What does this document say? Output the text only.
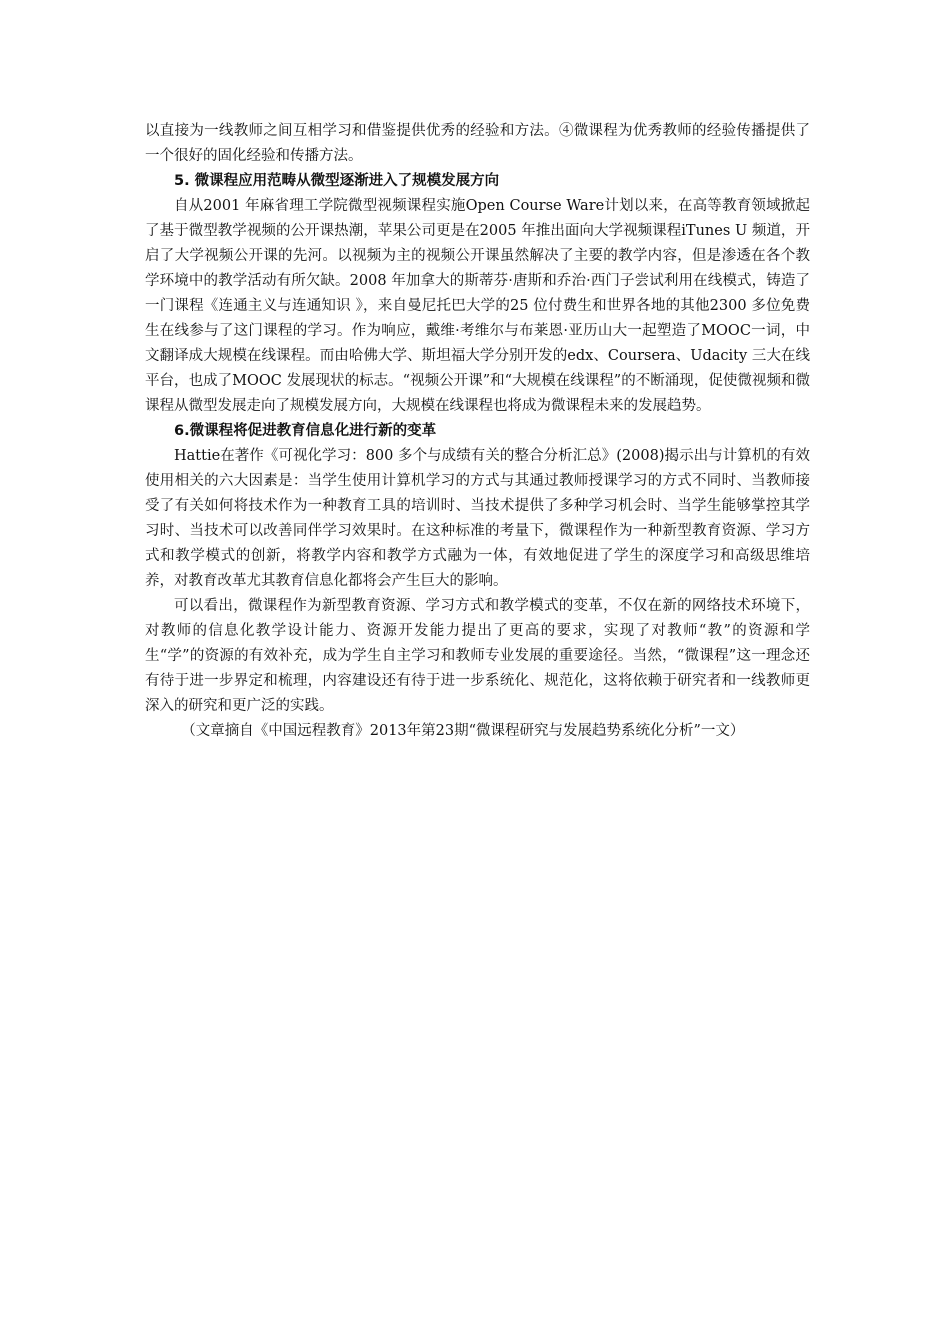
以直接为一线教师之间互相学习和借鉴提供优秀的经验和方法。④微课程为优秀教师的经验传播提供了一个很好的固化经验和传播方法。

5. 微课程应用范畴从微型逐渐进入了规模发展方向

自从2001 年麻省理工学院微型视频课程实施Open Course Ware计划以来，在高等教育领域掀起了基于微型教学视频的公开课热潮，苹果公司更是在2005 年推出面向大学视频课程iTunes U 频道，开启了大学视频公开课的先河。以视频为主的视频公开课虽然解决了主要的教学内容，但是渗透在各个教学环境中的教学活动有所欠缺。2008 年加拿大的斯蒂芬·唐斯和乔治·西门子尝试利用在线模式，铸造了一门课程《连通主义与连通知识 》，来自曼尼托巴大学的25 位付费生和世界各地的其他2300 多位免费生在线参与了这门课程的学习。作为响应，戴维·考维尔与布莱恩·亚历山大一起塑造了MOOC一词，中文翻译成大规模在线课程。而由哈佛大学、斯坦福大学分别开发的edx、Coursera、Udacity 三大在线平台，也成了MOOC 发展现状的标志。“视频公开课”和“大规模在线课程”的不断涌现，促使微视频和微课程从微型发展走向了规模发展方向，大规模在线课程也将成为微课程未来的发展趋势。

6.微课程将促进教育信息化进行新的变革

Hattie在著作《可视化学习：800 多个与成绩有关的整合分析汇总》(2008)揭示出与计算机的有效使用相关的六大因素是：当学生使用计算机学习的方式与其通过教师授课学习的方式不同时、当教师接受了有关如何将技术作为一种教育工具的培训时、当技术提供了多种学习机会时、当学生能够掌控其学习时、当技术可以改善同伴学习效果时。在这种标准的考量下，微课程作为一种新型教育资源、学习方式和教学模式的创新，将教学内容和教学方式融为一体，有效地促进了学生的深度学习和高级思维培养，对教育改革尤其教育信息化都将会产生巨大的影响。

可以看出，微课程作为新型教育资源、学习方式和教学模式的变革，不仅在新的网络技术环境下，对教师的信息化教学设计能力、资源开发能力提出了更高的要求，实现了对教师“教”的资源和学生“学”的资源的有效补充，成为学生自主学习和教师专业发展的重要途径。当然，“微课程”这一理念还有待于进一步界定和梳理，内容建设还有待于进一步系统化、规范化，这将依赖于研究者和一线教师更深入的研究和更广泛的实践。

（文章摘自《中国远程教育》2013年第23期“微课程研究与发展趋势系统化分析”一文）
